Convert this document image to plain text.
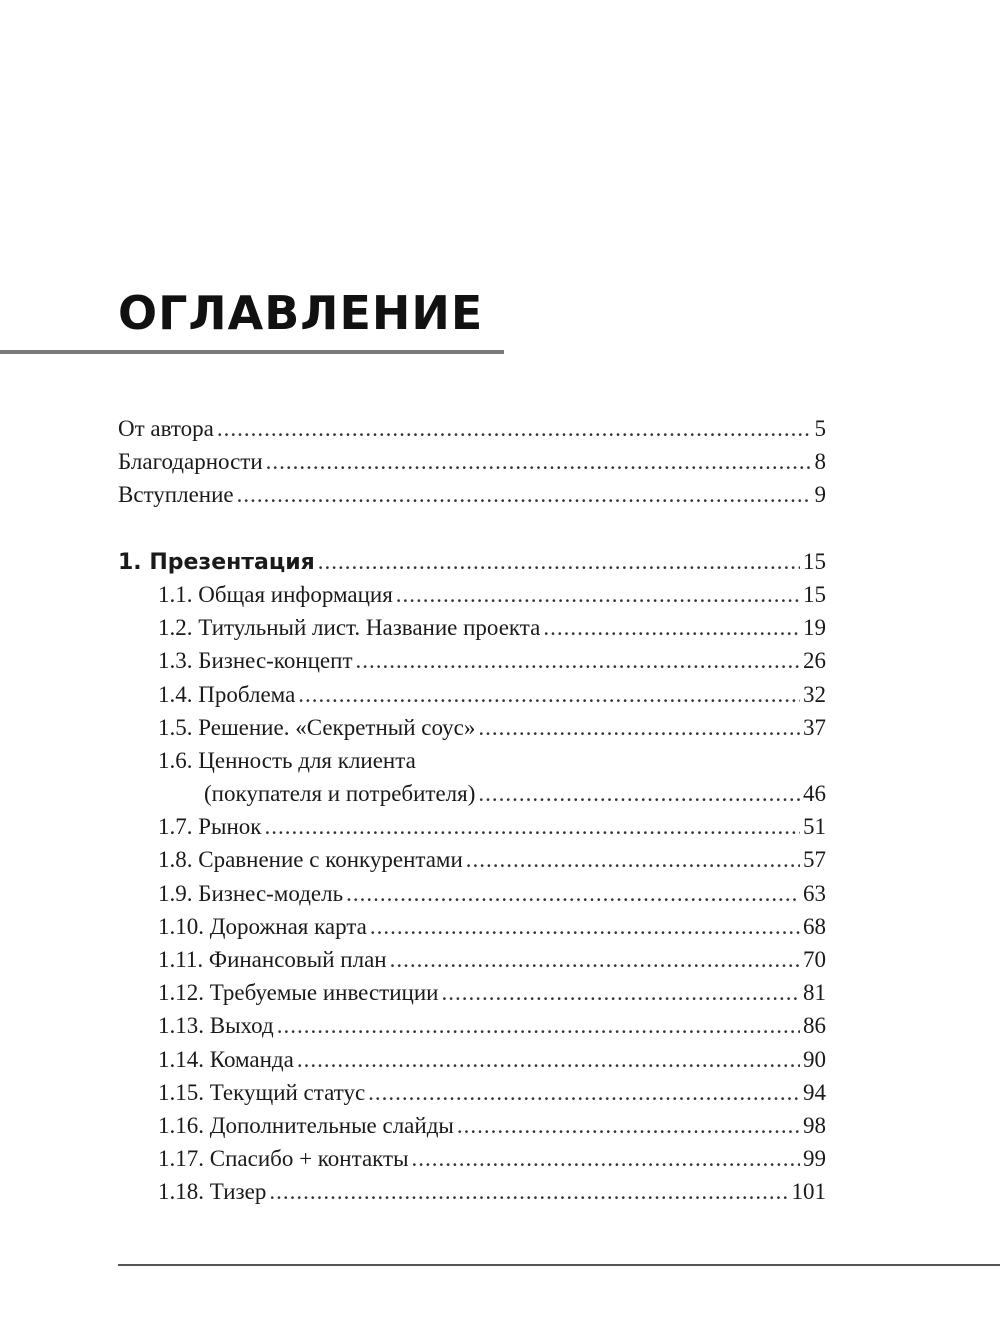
ОГЛАВЛЕНИЕ
От автора .....	5
Благодарности .....	8
Вступление .....	9
1. Презентация .....	15
1.1. Общая информация .....	15
1.2. Титульный лист. Название проекта .....	19
1.3. Бизнес-концепт .....	26
1.4. Проблема .....	32
1.5. Решение. «Секретный соус» .....	37
1.6. Ценность для клиента
(покупателя и потребителя) .....	46
1.7. Рынок .....	51
1.8. Сравнение с конкурентами .....	57
1.9. Бизнес-модель .....	63
1.10. Дорожная карта .....	68
1.11. Финансовый план .....	70
1.12. Требуемые инвестиции .....	81
1.13. Выход .....	86
1.14. Команда .....	90
1.15. Текущий статус .....	94
1.16. Дополнительные слайды .....	98
1.17. Спасибо + контакты .....	99
1.18. Тизер .....	101
